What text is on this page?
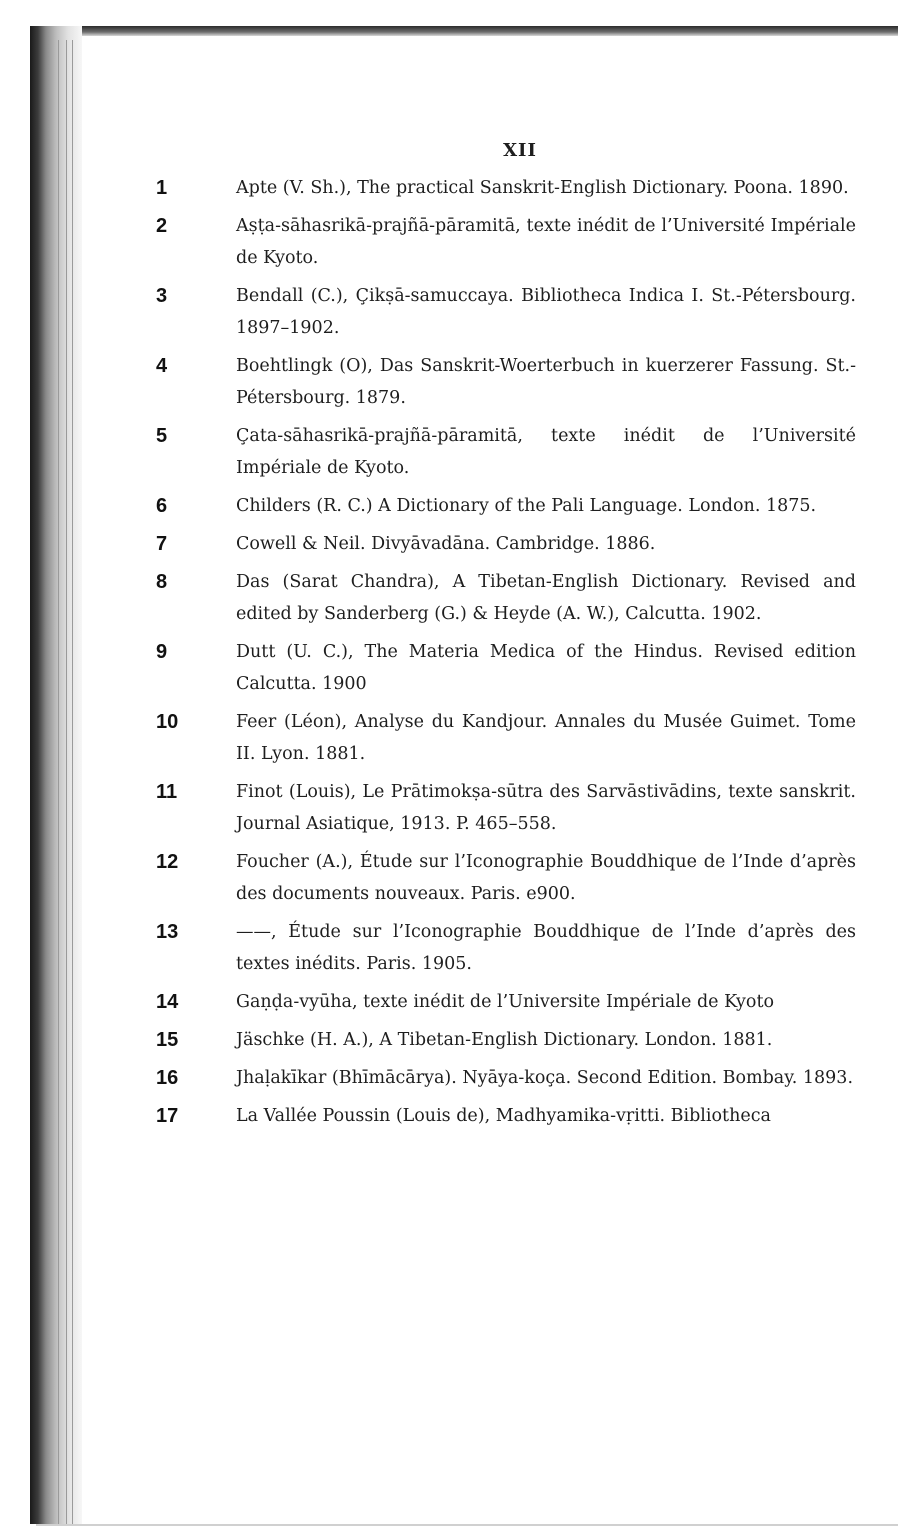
XII
1	Apte (V. Sh.), The practical Sanskrit-English Dictionary. Poona. 1890.
2	Aṣṭa-sāhasrikā-prajñā-pāramitā, texte inédit de l’Université Impériale de Kyoto.
3	Bendall (C.), Çikṣā-samuccaya. Bibliotheca Indica I. St.-Pétersbourg. 1897–1902.
4	Boehtlingk (O), Das Sanskrit-Woerterbuch in kuerzerer Fassung. St.-Pétersbourg. 1879.
5	Çata-sāhasrikā-prajñā-pāramitā, texte inédit de l’Université Impériale de Kyoto.
6	Childers (R. C.) A Dictionary of the Pali Language. London. 1875.
7	Cowell & Neil. Divyāvadāna. Cambridge. 1886.
8	Das (Sarat Chandra), A Tibetan-English Dictionary. Revised and edited by Sanderberg (G.) & Heyde (A. W.), Calcutta. 1902.
9	Dutt (U. C.), The Materia Medica of the Hindus. Revised edition Calcutta. 1900
10	Feer (Léon), Analyse du Kandjour. Annales du Musée Guimet. Tome II. Lyon. 1881.
11	Finot (Louis), Le Prātimokṣa-sūtra des Sarvāstivādins, texte sanskrit. Journal Asiatique, 1913. P. 465–558.
12	Foucher (A.), Étude sur l’Iconographie Bouddhique de l’Inde d’après des documents nouveaux. Paris. e900.
13	——, Étude sur l’Iconographie Bouddhique de l’Inde d’après des textes inédits. Paris. 1905.
14	Gaṇḍa-vyūha, texte inédit de l’Universite Impériale de Kyoto
15	Jäschke (H. A.), A Tibetan-English Dictionary. London. 1881.
16	Jhaḷakīkar (Bhīmācārya). Nyāya-koça. Second Edition. Bombay. 1893.
17	La Vallée Poussin (Louis de), Madhyamika-vṛitti. Bibliotheca
